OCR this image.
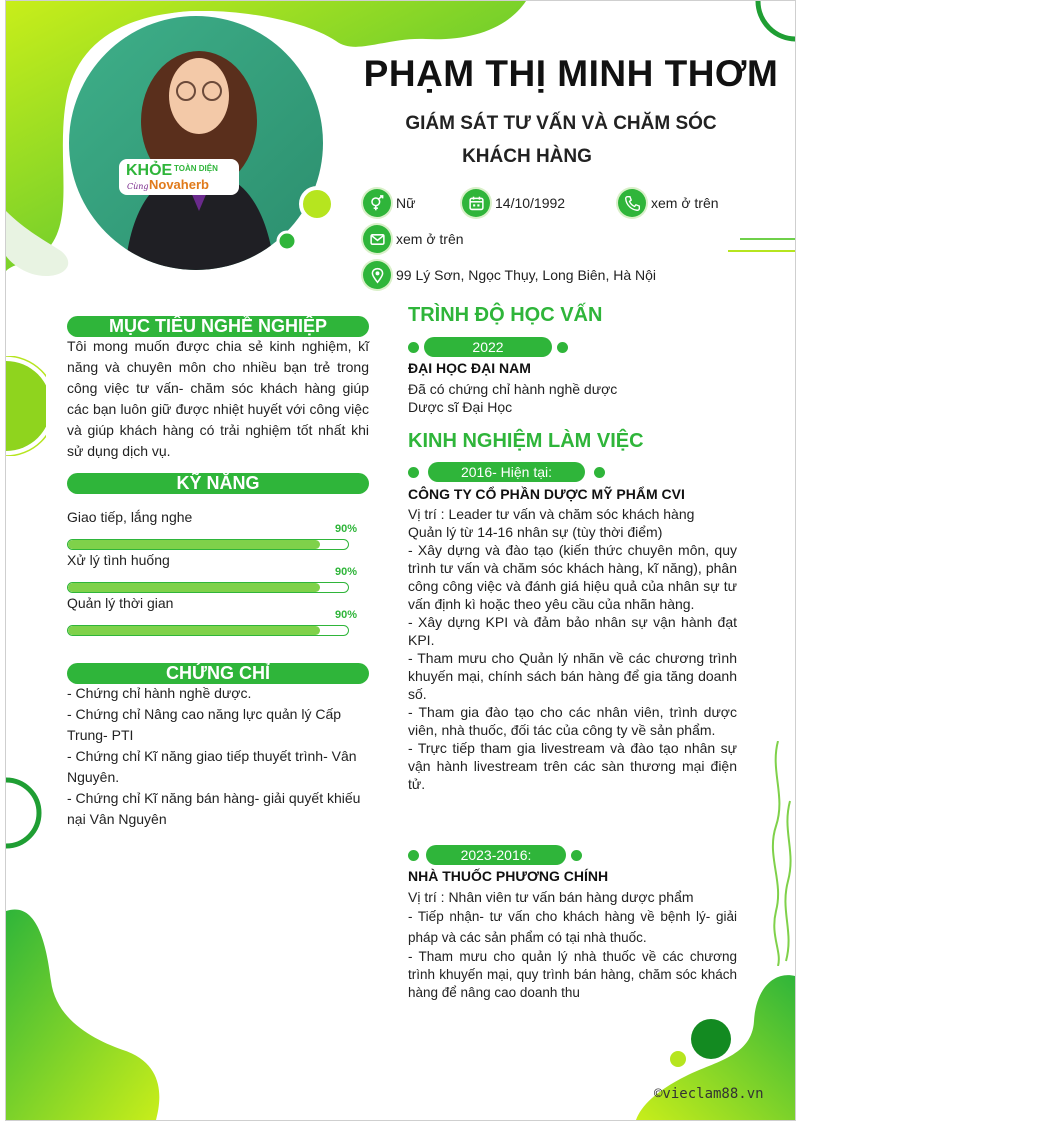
KHỎE TOÀN DIỆN
Cùng Novaherb
PHẠM THỊ MINH THƠM
GIÁM SÁT TƯ VẤN VÀ CHĂM SÓC
KHÁCH HÀNG
Nữ	14/10/1992	xem ở trên
xem ở trên
99 Lý Sơn, Ngọc Thụy, Long Biên, Hà Nội
MỤC TIÊU NGHỀ NGHIỆP
Tôi mong muốn được chia sẻ kinh nghiệm, kĩ năng và chuyên môn cho nhiều bạn trẻ trong công việc tư vấn- chăm sóc khách hàng giúp các bạn luôn giữ được nhiệt huyết với công việc và giúp khách hàng có trải nghiệm tốt nhất khi sử dụng dịch vụ.
KỸ NĂNG
Giao tiếp, lắng nghe
90%
Xử lý tình huống
90%
Quản lý thời gian
90%
CHỨNG CHỈ
- Chứng chỉ hành nghề dược.
- Chứng chỉ Nâng cao năng lực quản lý Cấp Trung- PTI
- Chứng chỉ Kĩ năng giao tiếp thuyết trình- Vân Nguyên.
- Chứng chỉ Kĩ năng bán hàng- giải quyết khiếu nại Vân Nguyên
TRÌNH ĐỘ HỌC VẤN
2022
ĐẠI HỌC ĐẠI NAM
Đã có chứng chỉ hành nghề dược
Dược sĩ Đại Học
KINH NGHIỆM LÀM VIỆC
2016- Hiện tại:
CÔNG TY CỔ PHẦN DƯỢC MỸ PHẨM CVI
Vị trí : Leader tư vấn và chăm sóc khách hàng
Quản lý từ 14-16 nhân sự (tùy thời điểm)
- Xây dựng và đào tạo (kiến thức chuyên môn, quy trình tư vấn và chăm sóc khách hàng, kĩ năng), phân công công việc và đánh giá hiệu quả của nhân sự tư vấn định kì hoặc theo yêu cầu của nhãn hàng.
- Xây dựng KPI và đảm bảo nhân sự vận hành đạt KPI.
- Tham mưu cho Quản lý nhãn về các chương trình khuyến mại, chính sách bán hàng để gia tăng doanh số.
- Tham gia đào tạo cho các nhân viên, trình dược viên, nhà thuốc, đối tác của công ty về sản phẩm.
- Trực tiếp tham gia livestream và đào tạo nhân sự vận hành livestream trên các sàn thương mại điện tử.
2023-2016:
NHÀ THUỐC PHƯƠNG CHÍNH
Vị trí : Nhân viên tư vấn bán hàng dược phẩm
- Tiếp nhận- tư vấn cho khách hàng về bệnh lý- giải pháp và các sản phẩm có tại nhà thuốc.
- Tham mưu cho quản lý nhà thuốc về các chương trình khuyến mại, quy trình bán hàng, chăm sóc khách hàng để nâng cao doanh thu
©vieclam88.vn
